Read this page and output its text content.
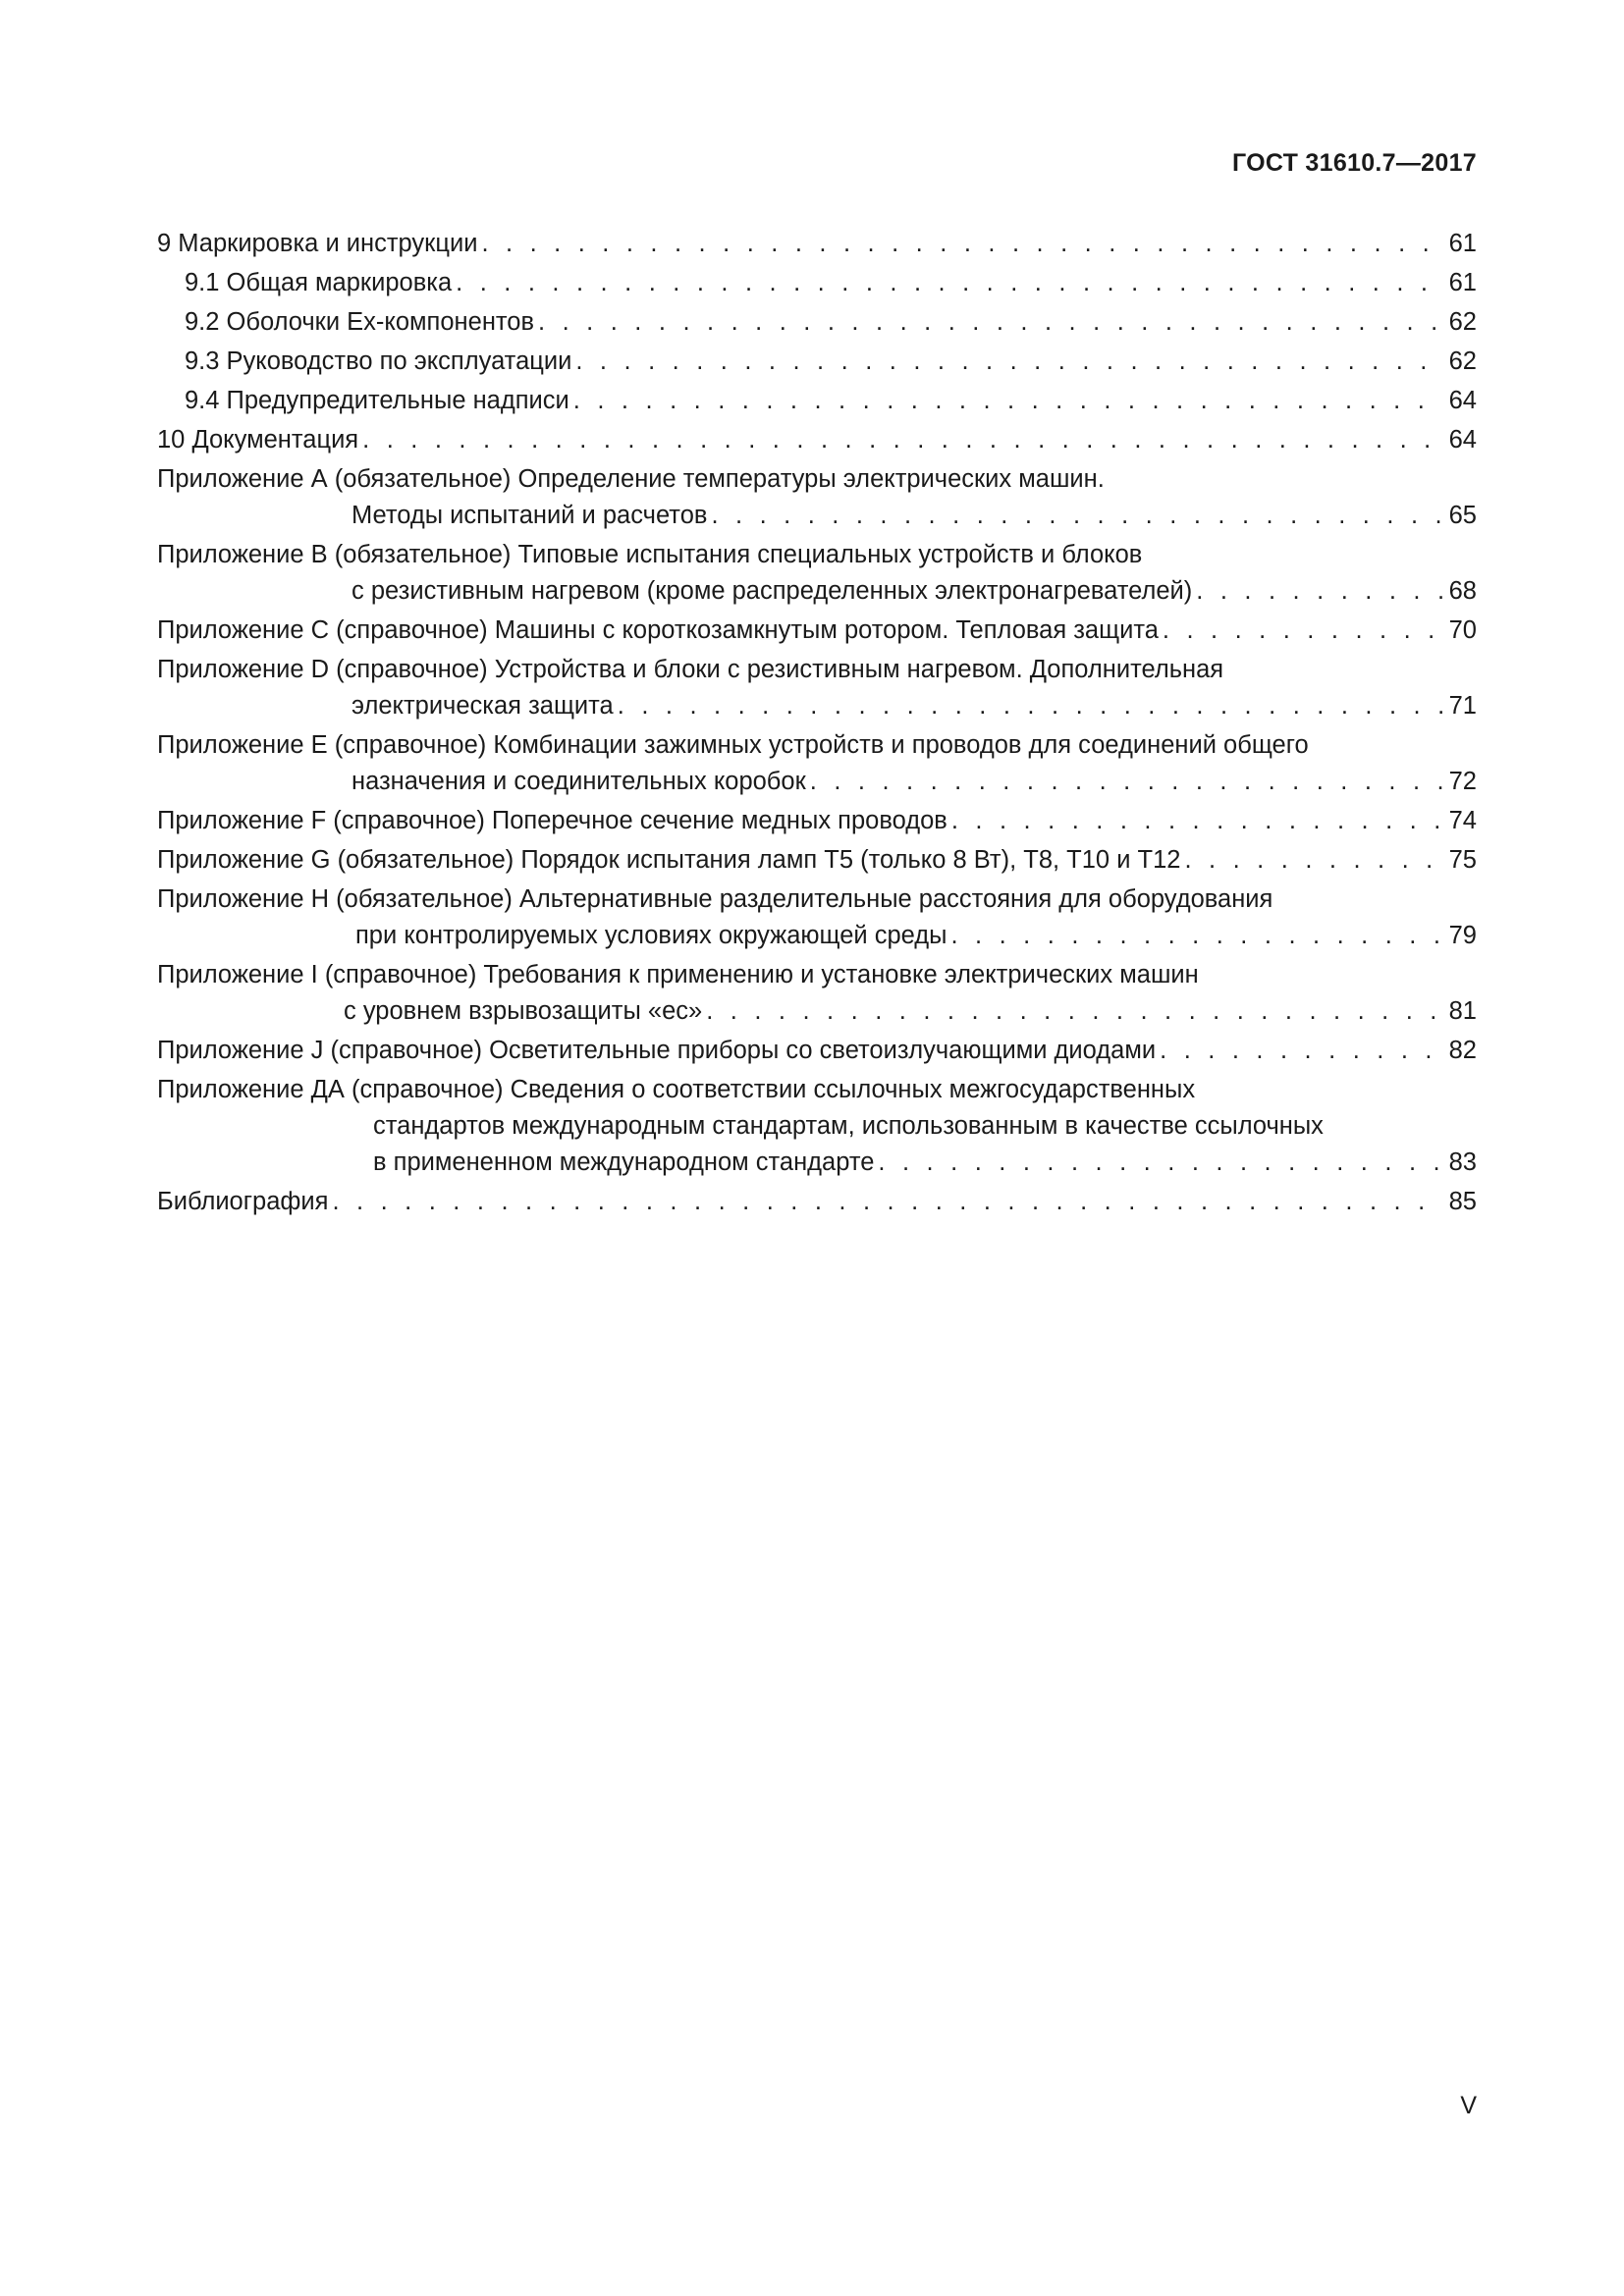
ГОСТ 31610.7—2017
9 Маркировка и инструкции . . .	61
9.1 Общая маркировка . . .	61
9.2 Оболочки Ex-компонентов . . .	62
9.3 Руководство по эксплуатации . . .	62
9.4 Предупредительные надписи . . .	64
10 Документация . . .	64
Приложение А (обязательное) Определение температуры электрических машин.
Методы испытаний и расчетов . . .	65
Приложение В (обязательное) Типовые испытания специальных устройств и блоков
с резистивным нагревом (кроме распределенных электронагревателей) . . .	68
Приложение С (справочное) Машины с короткозамкнутым ротором. Тепловая защита . . .	70
Приложение D (справочное) Устройства и блоки с резистивным нагревом. Дополнительная
электрическая защита . . .	71
Приложение Е (справочное) Комбинации зажимных устройств и проводов для соединений общего
назначения и соединительных коробок . . .	72
Приложение F (справочное) Поперечное сечение медных проводов . . .	74
Приложение G (обязательное) Порядок испытания ламп Т5 (только 8 Вт), Т8, Т10 и Т12 . . .	75
Приложение Н (обязательное) Альтернативные разделительные расстояния для оборудования
при контролируемых условиях окружающей среды . . .	79
Приложение I (справочное) Требования к применению и установке электрических машин
с уровнем взрывозащиты «ес» . . .	81
Приложение J (справочное) Осветительные приборы со светоизлучающими диодами . . .	82
Приложение ДА (справочное) Сведения о соответствии ссылочных межгосударственных
стандартов международным стандартам, использованным в качестве ссылочных
в примененном международном стандарте . . .	83
Библиография . . .	85
V
